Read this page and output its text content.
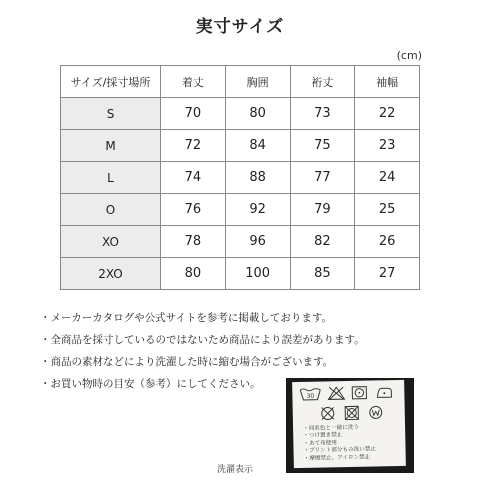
実寸サイズ
(cm)
サイズ/採寸場所	着丈	胸囲	裄丈	袖幅
S	70	80	73	22
M	72	84	75	23
L	74	88	77	24
O	76	92	79	25
XO	78	96	82	26
2XO	80	100	85	27
・メーカーカタログや公式サイトを参考に掲載しております。
・全商品を採寸しているのではないため商品により誤差があります。
・商品の素材などにより洗濯した時に縮む場合がございます。
・お買い物時の目安（参考）にしてください。
30
・同系色と一緒に洗う
・つけ置き禁止
・あて布使用
・プリント部分もみ洗い禁止
・摩擦禁止、アイロン禁止
洗濯表示
